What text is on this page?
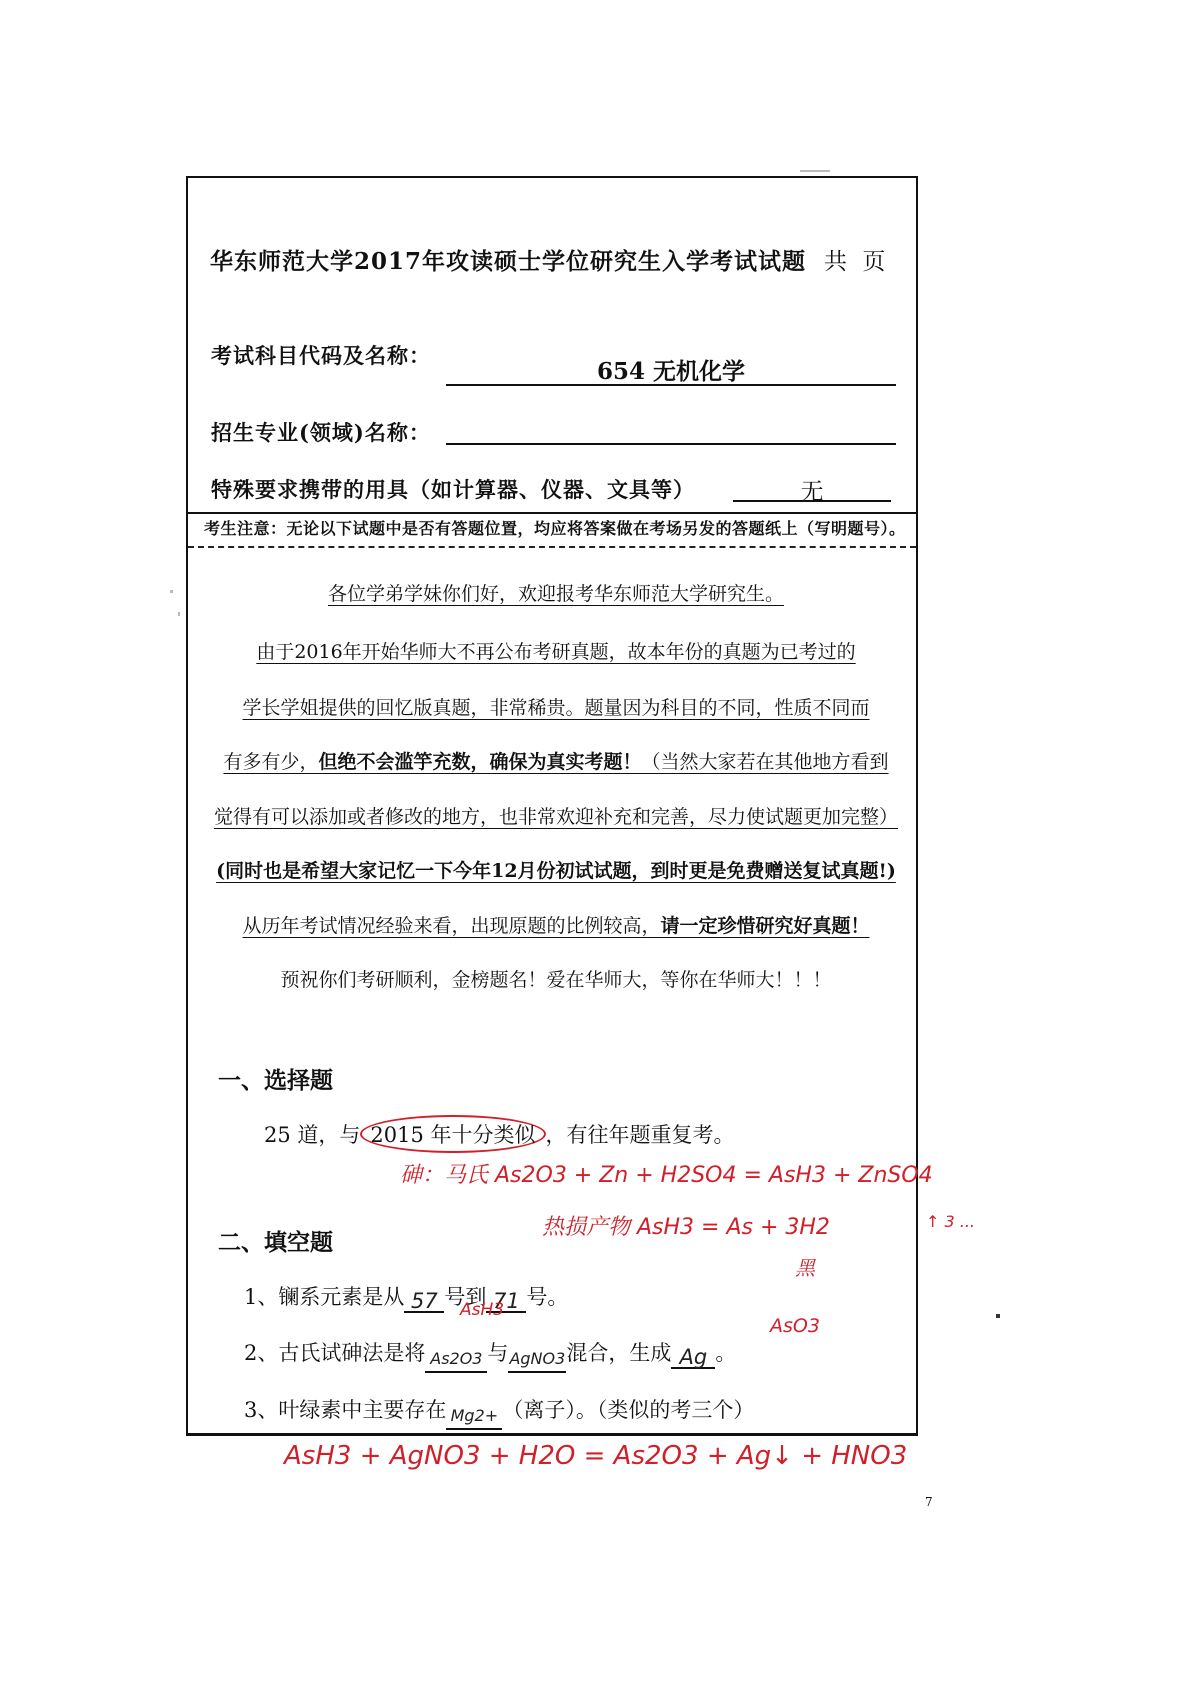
华东师范大学2017年攻读硕士学位研究生入学考试试题 共 页
考试科目代码及名称：
654 无机化学
招生专业(领域)名称：
特殊要求携带的用具（如计算器、仪器、文具等）	无
考生注意：无论以下试题中是否有答题位置，均应将答案做在考场另发的答题纸上（写明题号）。
各位学弟学妹你们好，欢迎报考华东师范大学研究生。
由于2016年开始华师大不再公布考研真题，故本年份的真题为已考过的
学长学姐提供的回忆版真题，非常稀贵。题量因为科目的不同，性质不同而
有多有少，但绝不会滥竽充数，确保为真实考题！（当然大家若在其他地方看到
觉得有可以添加或者修改的地方，也非常欢迎补充和完善，尽力使试题更加完整）
(同时也是希望大家记忆一下今年12月份初试试题，到时更是免费赠送复试真题!)
从历年考试情况经验来看，出现原题的比例较高，请一定珍惜研究好真题！
预祝你们考研顺利，金榜题名！爱在华师大，等你在华师大！！！
一、选择题
25 道，与 2015 年十分类似 ，有往年题重复考。
砷：马氏 As2O3 + Zn + H2SO4 = AsH3 + ZnSO4
热损产物 AsH3 = As + 3H2	↑ 3 ...
黑
二、填空题
1、镧系元素是从 57 号到 71 号。
AsH3
AsO3
2、古氏试砷法是将 As2O3 与AgNO3混合，生成 Ag 。
3、叶绿素中主要存在 Mg2+ （离子）。（类似的考三个）
AsH3 + AgNO3 + H2O = As2O3 + Ag↓ + HNO3
7
